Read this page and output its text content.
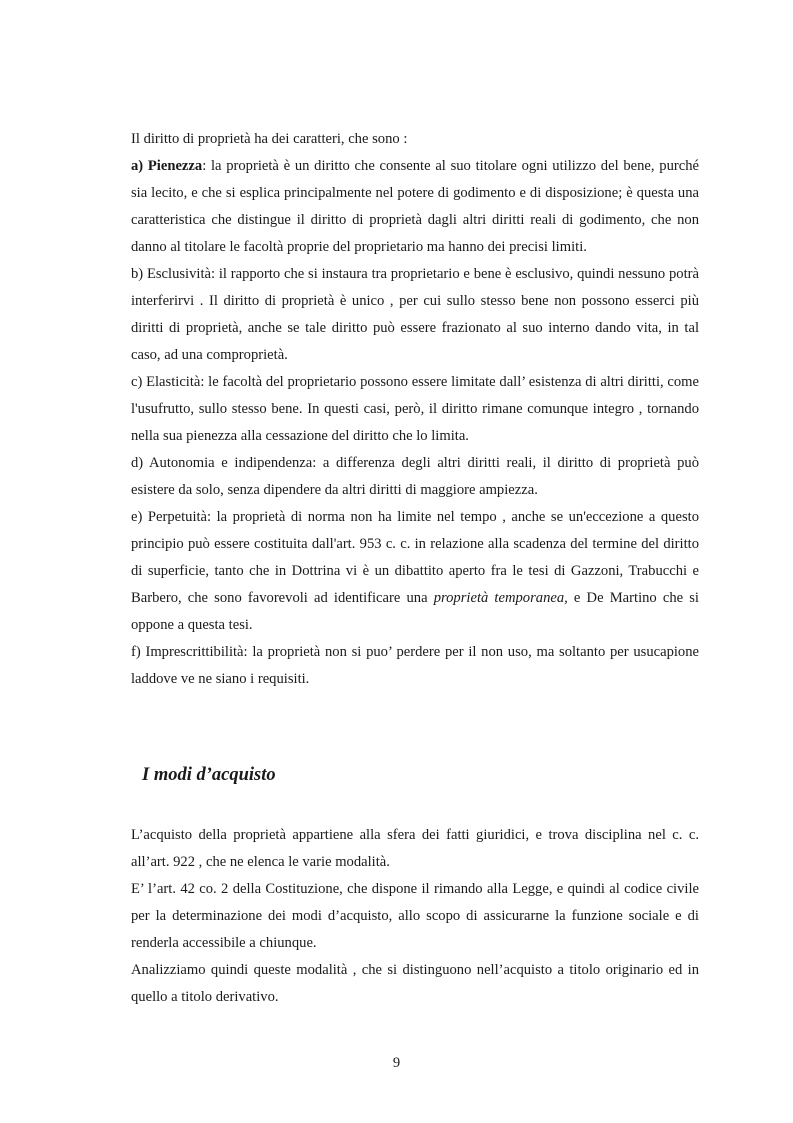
Il diritto di proprietà ha dei caratteri, che sono :

a) Pienezza: la proprietà è un diritto che consente al suo titolare ogni utilizzo del bene, purché sia lecito, e che si esplica principalmente nel potere di godimento e di disposizione; è questa una caratteristica che distingue il diritto di proprietà dagli altri diritti reali di godimento, che non danno al titolare le facoltà proprie del proprietario ma hanno dei precisi limiti.

b) Esclusività: il rapporto che si instaura tra proprietario e bene è esclusivo, quindi nessuno potrà interferirvi . Il diritto di proprietà è unico , per cui sullo stesso bene non possono esserci più diritti di proprietà, anche se tale diritto può essere frazionato al suo interno dando vita, in tal caso, ad una comproprietà.

c) Elasticità: le facoltà del proprietario possono essere limitate dall’ esistenza di altri diritti, come l'usufrutto, sullo stesso bene. In questi casi, però, il diritto rimane comunque integro , tornando nella sua pienezza alla cessazione del diritto che lo limita.

d) Autonomia e indipendenza: a differenza degli altri diritti reali, il diritto di proprietà può esistere da solo, senza dipendere da altri diritti di maggiore ampiezza.

e) Perpetuità: la proprietà di norma non ha limite nel tempo , anche se un'eccezione a questo principio può essere costituita dall'art. 953 c. c. in relazione alla scadenza del termine del diritto di superficie, tanto che in Dottrina vi è un dibattito aperto fra le tesi di Gazzoni, Trabucchi e Barbero, che sono favorevoli ad identificare una proprietà temporanea, e De Martino che si oppone a questa tesi.

f) Imprescrittibilità: la proprietà non si puo’ perdere per il non uso, ma soltanto per usucapione laddove ve ne siano i requisiti.

I modi d’acquisto

L’acquisto della proprietà appartiene alla sfera dei fatti giuridici, e trova disciplina nel c. c. all’art. 922 , che ne elenca le varie modalità.

E’ l’art. 42 co. 2 della Costituzione, che dispone il rimando alla Legge, e quindi al codice civile per la determinazione dei modi d’acquisto, allo scopo di assicurarne la funzione sociale e di renderla accessibile a chiunque.

Analizziamo quindi queste modalità , che si distinguono nell’acquisto a titolo originario ed in quello a titolo derivativo.

9
